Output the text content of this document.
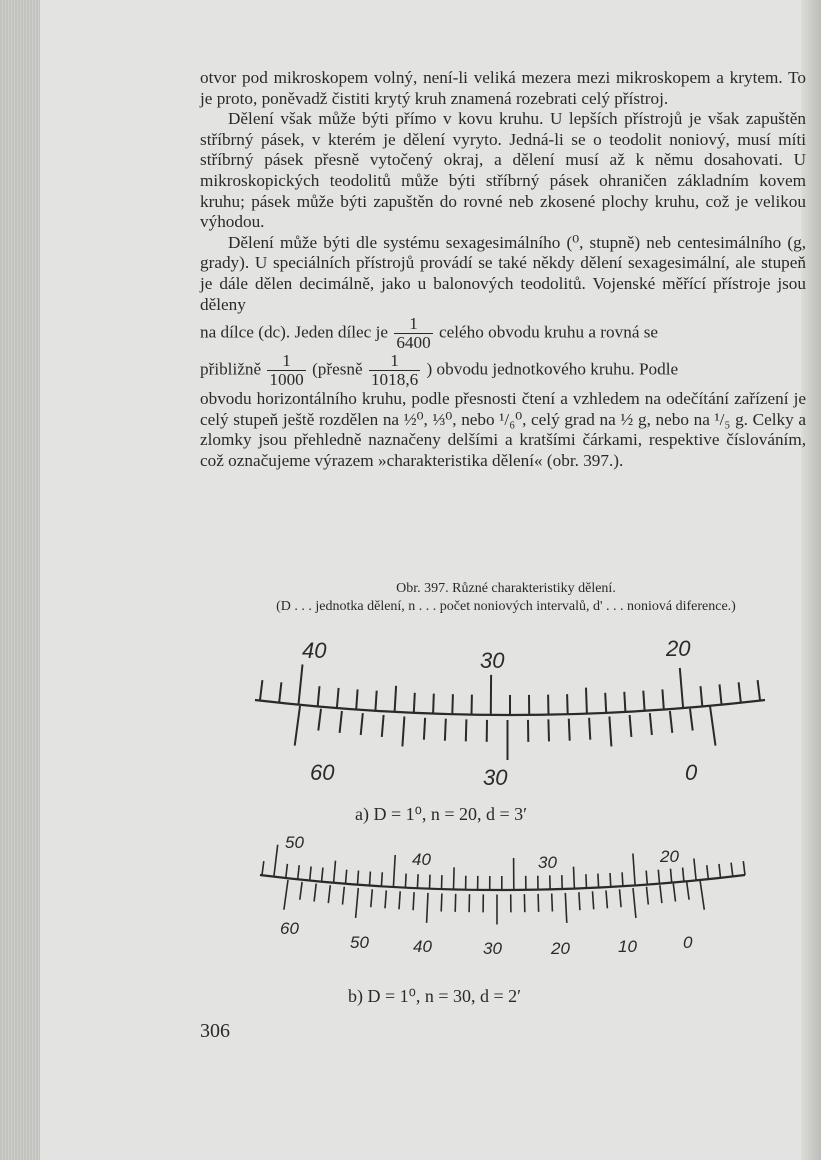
otvor pod mikroskopem volný, není-li veliká mezera mezi mikroskopem a krytem. To je proto, poněvadž čistiti krytý kruh znamená rozebrati celý přístroj.

Dělení však může býti přímo v kovu kruhu. U lepších přístrojů je však zapuštěn stříbrný pásek, v kterém je dělení vyryto. Jedná-li se o teodolit noniový, musí míti stříbrný pásek přesně vytočený okraj, a dělení musí až k němu dosahovati. U mikroskopických teodolitů může býti stříbrný pásek ohraničen základním kovem kruhu; pásek může býti zapuštěn do rovné neb zkosené plochy kruhu, což je velikou výhodou.

Dělení může býti dle systému sexagesimálního (⁰, stupně) neb centesimálního (g, grady). U speciálních přístrojů provádí se také někdy dělení sexagesimální, ale stupeň je dále dělen decimálně, jako u balonových teodolitů. Vojenské měřící přístroje jsou děleny

na dílce (dc). Jeden dílec je $\frac{1}{6400}$ celého obvodu kruhu a rovná se

přibližně $\frac{1}{1000}$ (přesně $\frac{1}{1018,6}$ ) obvodu jednotkového kruhu. Podle

obvodu horizontálního kruhu, podle přesnosti čtení a vzhledem na odečítání zařízení je celý stupeň ještě rozdělen na ½⁰, ⅓⁰, nebo ¹/₆⁰, celý grad na ½ g, nebo na ¹/₅ g. Celky a zlomky jsou přehledně naznačeny delšími a kratšími čárkami, respektive číslováním, což označujeme výrazem »charakteristika dělení« (obr. 397.).

Obr. 397. Různé charakteristiky dělení.
(D . . . jednotka dělení, n . . . počet noniových intervalů, d' . . . noniová diference.)
40	30	20
60	30	0
a) D = 1⁰, n = 20, d = 3′
50
40	30	20
60
50	40	30	20	10	0
b) D = 1⁰, n = 30, d = 2′
306
